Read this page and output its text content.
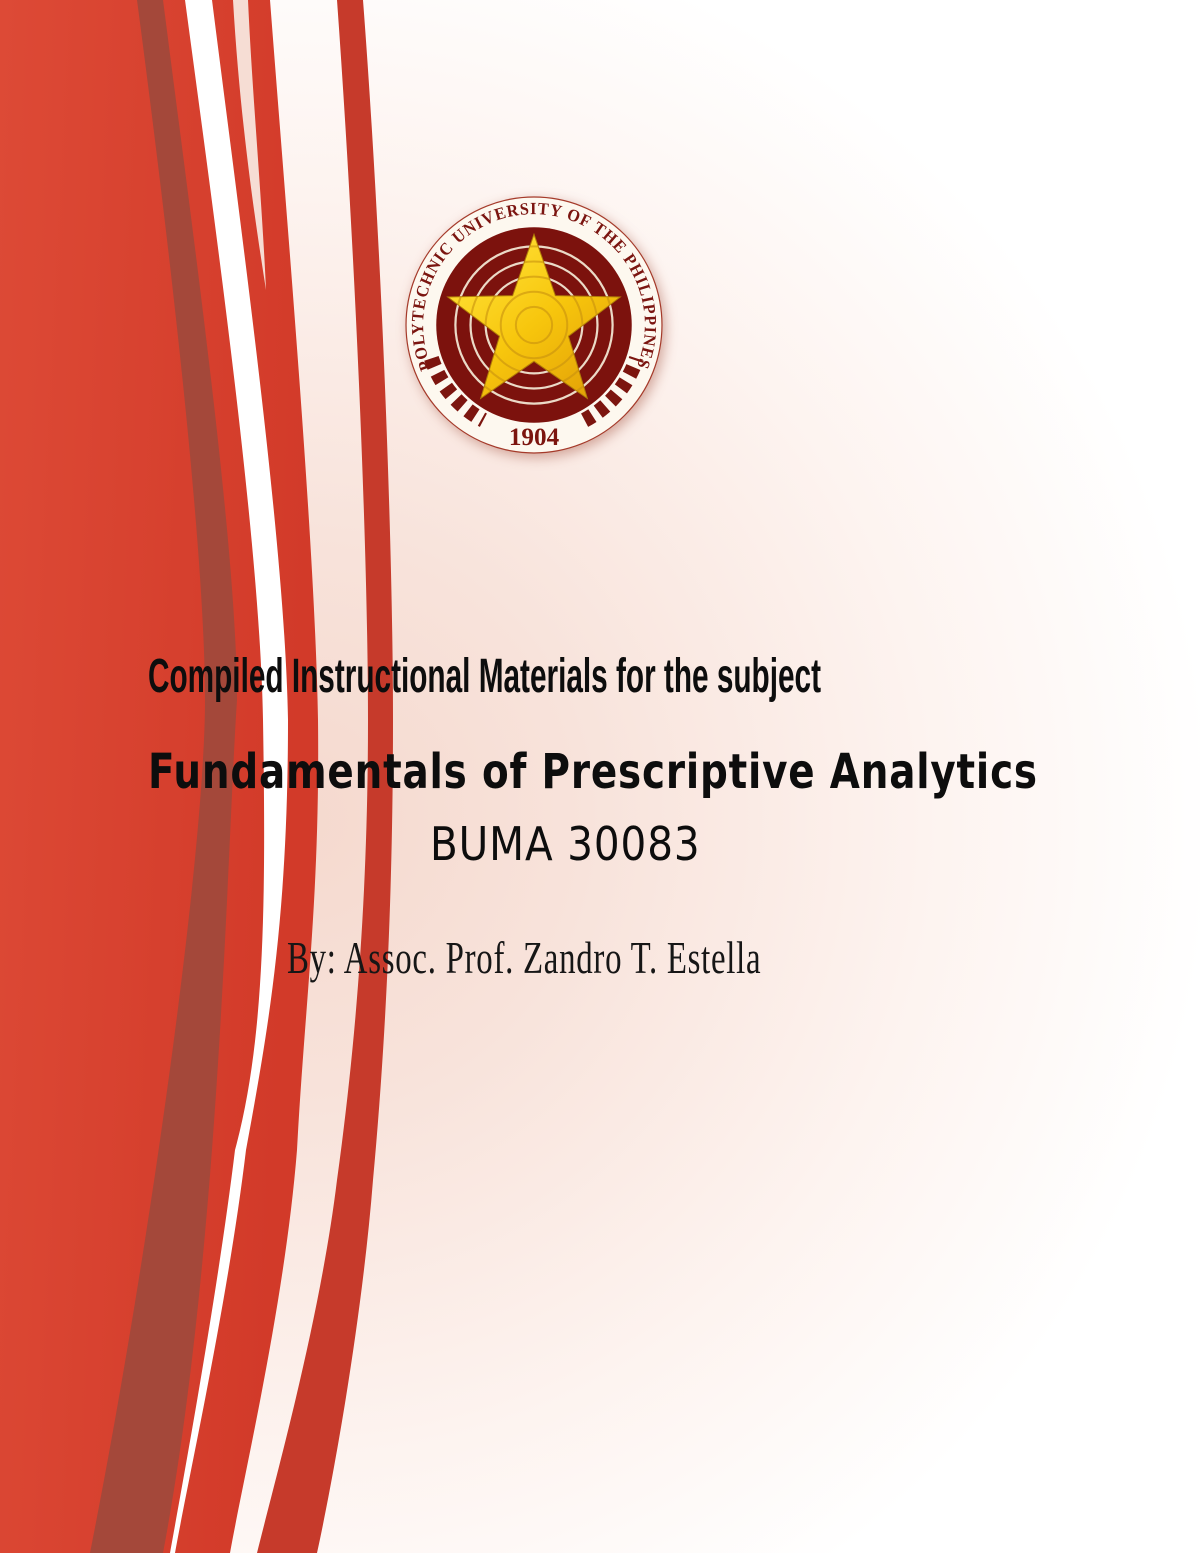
POLYTECHNIC UNIVERSITY OF THE PHILIPPINES
1904
Compiled Instructional Materials for the subject
Fundamentals of Prescriptive Analytics
BUMA 30083
By: Assoc. Prof. Zandro T. Estella
